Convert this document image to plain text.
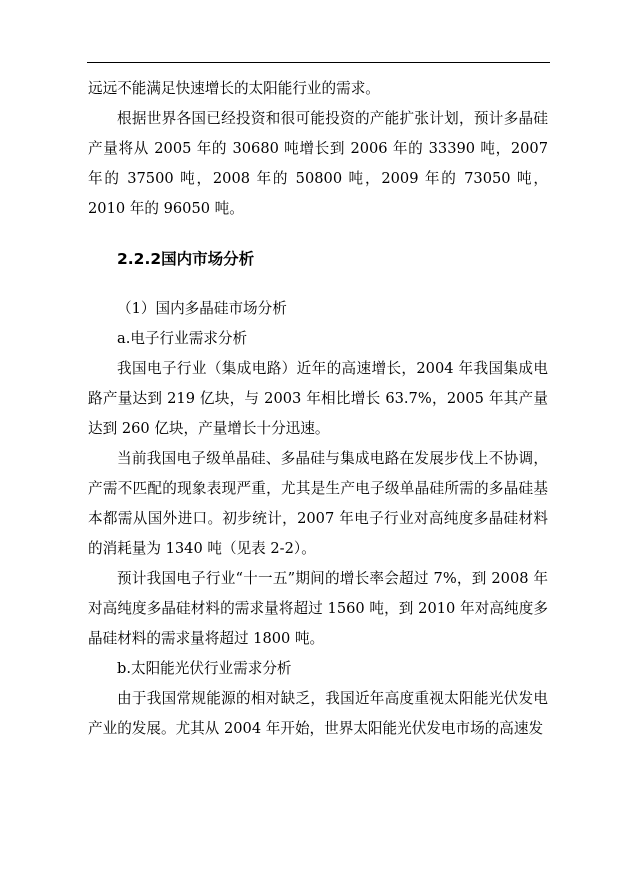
远远不能满足快速增长的太阳能行业的需求。

根据世界各国已经投资和很可能投资的产能扩张计划，预计多晶硅产量将从 2005 年的 30680 吨增长到 2006 年的 33390 吨，2007 年的 37500 吨，2008 年的 50800 吨，2009 年的 73050 吨，2010 年的 96050 吨。

2.2.2国内市场分析

（1）国内多晶硅市场分析

a.电子行业需求分析

我国电子行业（集成电路）近年的高速增长，2004 年我国集成电路产量达到 219 亿块，与 2003 年相比增长 63.7%，2005 年其产量达到 260 亿块，产量增长十分迅速。

当前我国电子级单晶硅、多晶硅与集成电路在发展步伐上不协调，产需不匹配的现象表现严重，尤其是生产电子级单晶硅所需的多晶硅基本都需从国外进口。初步统计，2007 年电子行业对高纯度多晶硅材料的消耗量为 1340 吨（见表 2-2）。

预计我国电子行业“十一五”期间的增长率会超过 7%，到 2008 年对高纯度多晶硅材料的需求量将超过 1560 吨，到 2010 年对高纯度多晶硅材料的需求量将超过 1800 吨。

b.太阳能光伏行业需求分析

由于我国常规能源的相对缺乏，我国近年高度重视太阳能光伏发电产业的发展。尤其从 2004 年开始，世界太阳能光伏发电市场的高速发
